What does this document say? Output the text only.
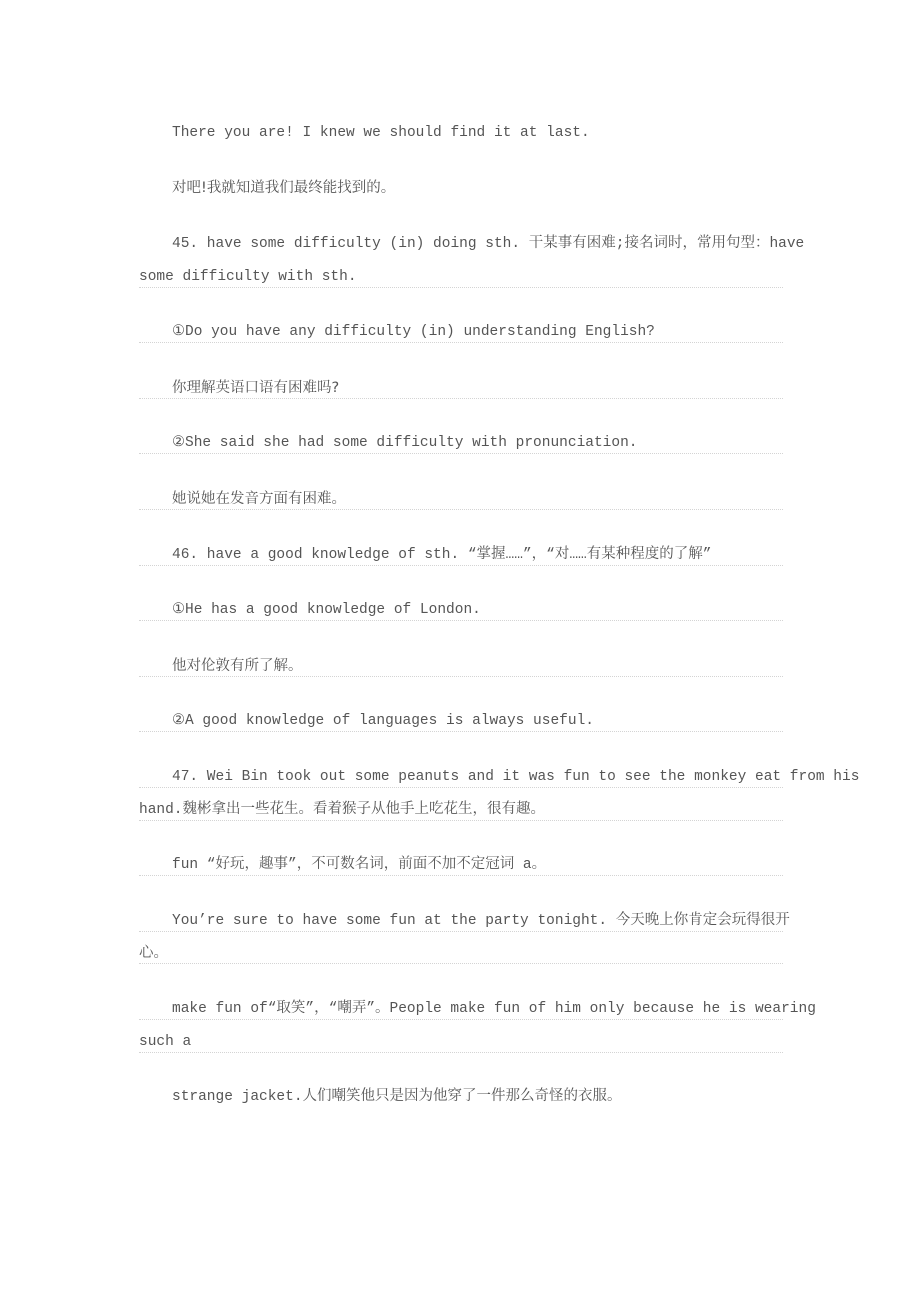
There you are! I knew we should find it at last.
对吧!我就知道我们最终能找到的。
45. have some difficulty (in) doing sth. 干某事有困难;接名词时，常用句型：have
some difficulty with sth.
①Do you have any difficulty (in) understanding English?
你理解英语口语有困难吗?
②She said she had some difficulty with pronunciation.
她说她在发音方面有困难。
46. have a good knowledge of sth. “掌握……”，“对……有某种程度的了解”
①He has a good knowledge of London.
他对伦敦有所了解。
②A good knowledge of languages is always useful.
47. Wei Bin took out some peanuts and it was fun to see the monkey eat from his
hand.魏彬拿出一些花生。看着猴子从他手上吃花生，很有趣。
fun “好玩，趣事”，不可数名词，前面不加不定冠词 a。
You’re sure to have some fun at the party tonight. 今天晚上你肯定会玩得很开
心。
make fun of“取笑”，“嘲弄”。People make fun of him only because he is wearing
such a
strange jacket.人们嘲笑他只是因为他穿了一件那么奇怪的衣服。
